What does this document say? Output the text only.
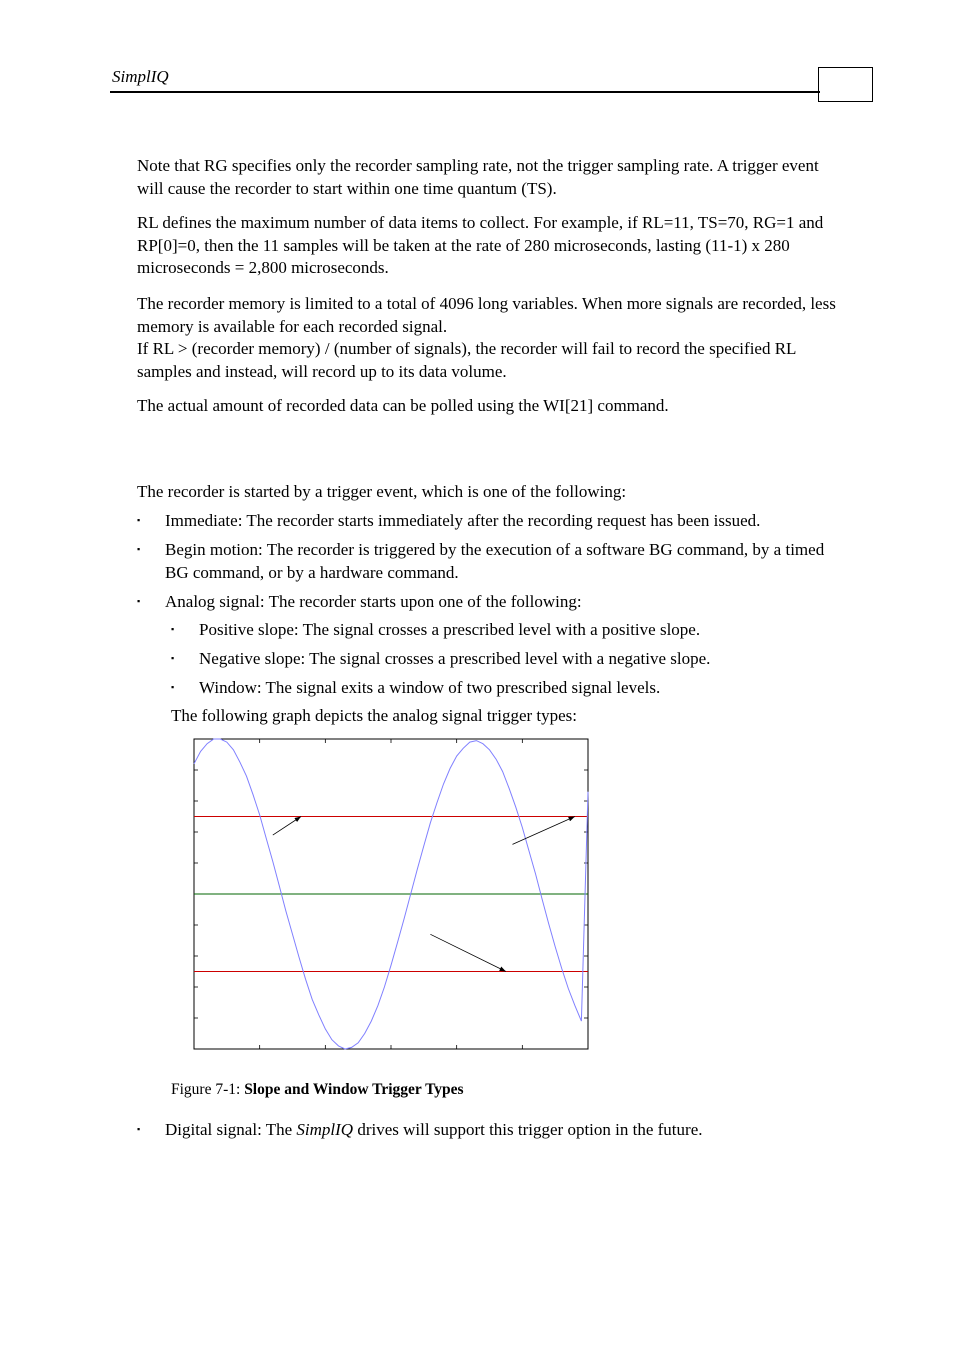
SimplIQ

Note that RG specifies only the recorder sampling rate, not the trigger sampling rate. A trigger event will cause the recorder to start within one time quantum (TS).

RL defines the maximum number of data items to collect. For example, if RL=11, TS=70, RG=1 and RP[0]=0, then the 11 samples will be taken at the rate of 280 microseconds, lasting (11-1) x 280 microseconds = 2,800 microseconds.

The recorder memory is limited to a total of 4096 long variables. When more signals are recorded, less memory is available for each recorded signal.

If RL > (recorder memory) / (number of signals), the recorder will fail to record the specified RL samples and instead, will record up to its data volume.

The actual amount of recorded data can be polled using the WI[21] command.

The recorder is started by a trigger event, which is one of the following:

▪ Immediate: The recorder starts immediately after the recording request has been issued.
▪ Begin motion: The recorder is triggered by the execution of a software BG command, by a timed BG command, or by a hardware command.
▪ Analog signal: The recorder starts upon one of the following:
▪ Positive slope: The signal crosses a prescribed level with a positive slope.
▪ Negative slope: The signal crosses a prescribed level with a negative slope.
▪ Window: The signal exits a window of two prescribed signal levels.

The following graph depicts the analog signal trigger types:

Figure 7-1: Slope and Window Trigger Types
▪ Digital signal: The SimplIQ drives will support this trigger option in the future.
